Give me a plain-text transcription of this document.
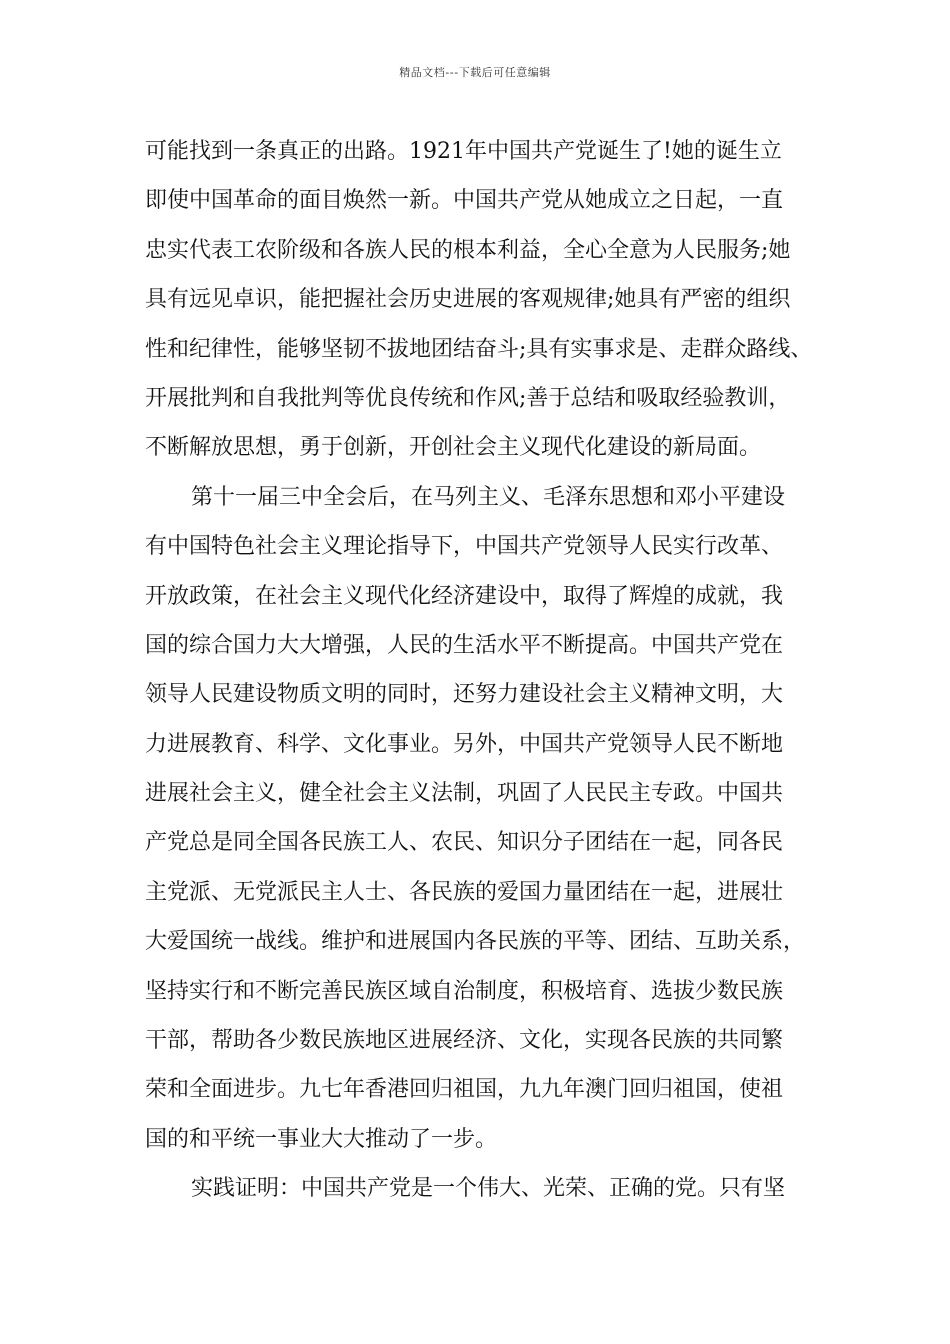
精品文档---下载后可任意编辑
可能找到一条真正的出路。1921年中国共产党诞生了!她的诞生立
即使中国革命的面目焕然一新。中国共产党从她成立之日起，一直
忠实代表工农阶级和各族人民的根本利益，全心全意为人民服务;她
具有远见卓识，能把握社会历史进展的客观规律;她具有严密的组织
性和纪律性，能够坚韧不拔地团结奋斗;具有实事求是、走群众路线、
开展批判和自我批判等优良传统和作风;善于总结和吸取经验教训，
不断解放思想，勇于创新，开创社会主义现代化建设的新局面。
第十一届三中全会后，在马列主义、毛泽东思想和邓小平建设
有中国特色社会主义理论指导下，中国共产党领导人民实行改革、
开放政策，在社会主义现代化经济建设中，取得了辉煌的成就，我
国的综合国力大大增强，人民的生活水平不断提高。中国共产党在
领导人民建设物质文明的同时，还努力建设社会主义精神文明，大
力进展教育、科学、文化事业。另外，中国共产党领导人民不断地
进展社会主义，健全社会主义法制，巩固了人民民主专政。中国共
产党总是同全国各民族工人、农民、知识分子团结在一起，同各民
主党派、无党派民主人士、各民族的爱国力量团结在一起，进展壮
大爱国统一战线。维护和进展国内各民族的平等、团结、互助关系，
坚持实行和不断完善民族区域自治制度，积极培育、选拔少数民族
干部，帮助各少数民族地区进展经济、文化，实现各民族的共同繁
荣和全面进步。九七年香港回归祖国，九九年澳门回归祖国，使祖
国的和平统一事业大大推动了一步。
实践证明：中国共产党是一个伟大、光荣、正确的党。只有坚
